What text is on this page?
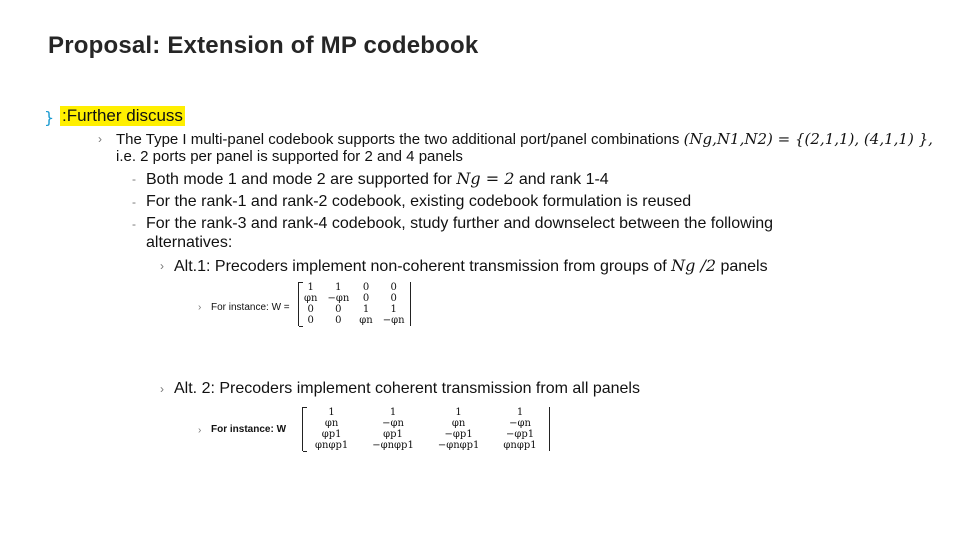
Proposal: Extension of MP codebook
} :Further discuss
› The Type I multi-panel codebook supports the two additional port/panel combinations (Ng,N1,N2) = {(2,1,1), (4,1,1) },
i.e. 2 ports per panel is supported for 2 and 4 panels
- Both mode 1 and mode 2 are supported for Ng = 2 and rank 1-4
- For the rank-1 and rank-2 codebook, existing codebook formulation is reused
- For the rank-3 and rank-4 codebook, study further and downselect between the following
alternatives:
› Alt.1: Precoders implement non-coherent transmission from groups of Ng /2 panels
› For instance: W =
1	1	0	0
φn	−φn	0	0
0	0	1	1
0	0	φn	−φn
› Alt. 2: Precoders implement coherent transmission from all panels
› For instance: W
1	1	1	1
φn	−φn	φn	−φn
φp1	φp1	−φp1	−φp1
φnφp1	−φnφp1	−φnφp1	φnφp1
